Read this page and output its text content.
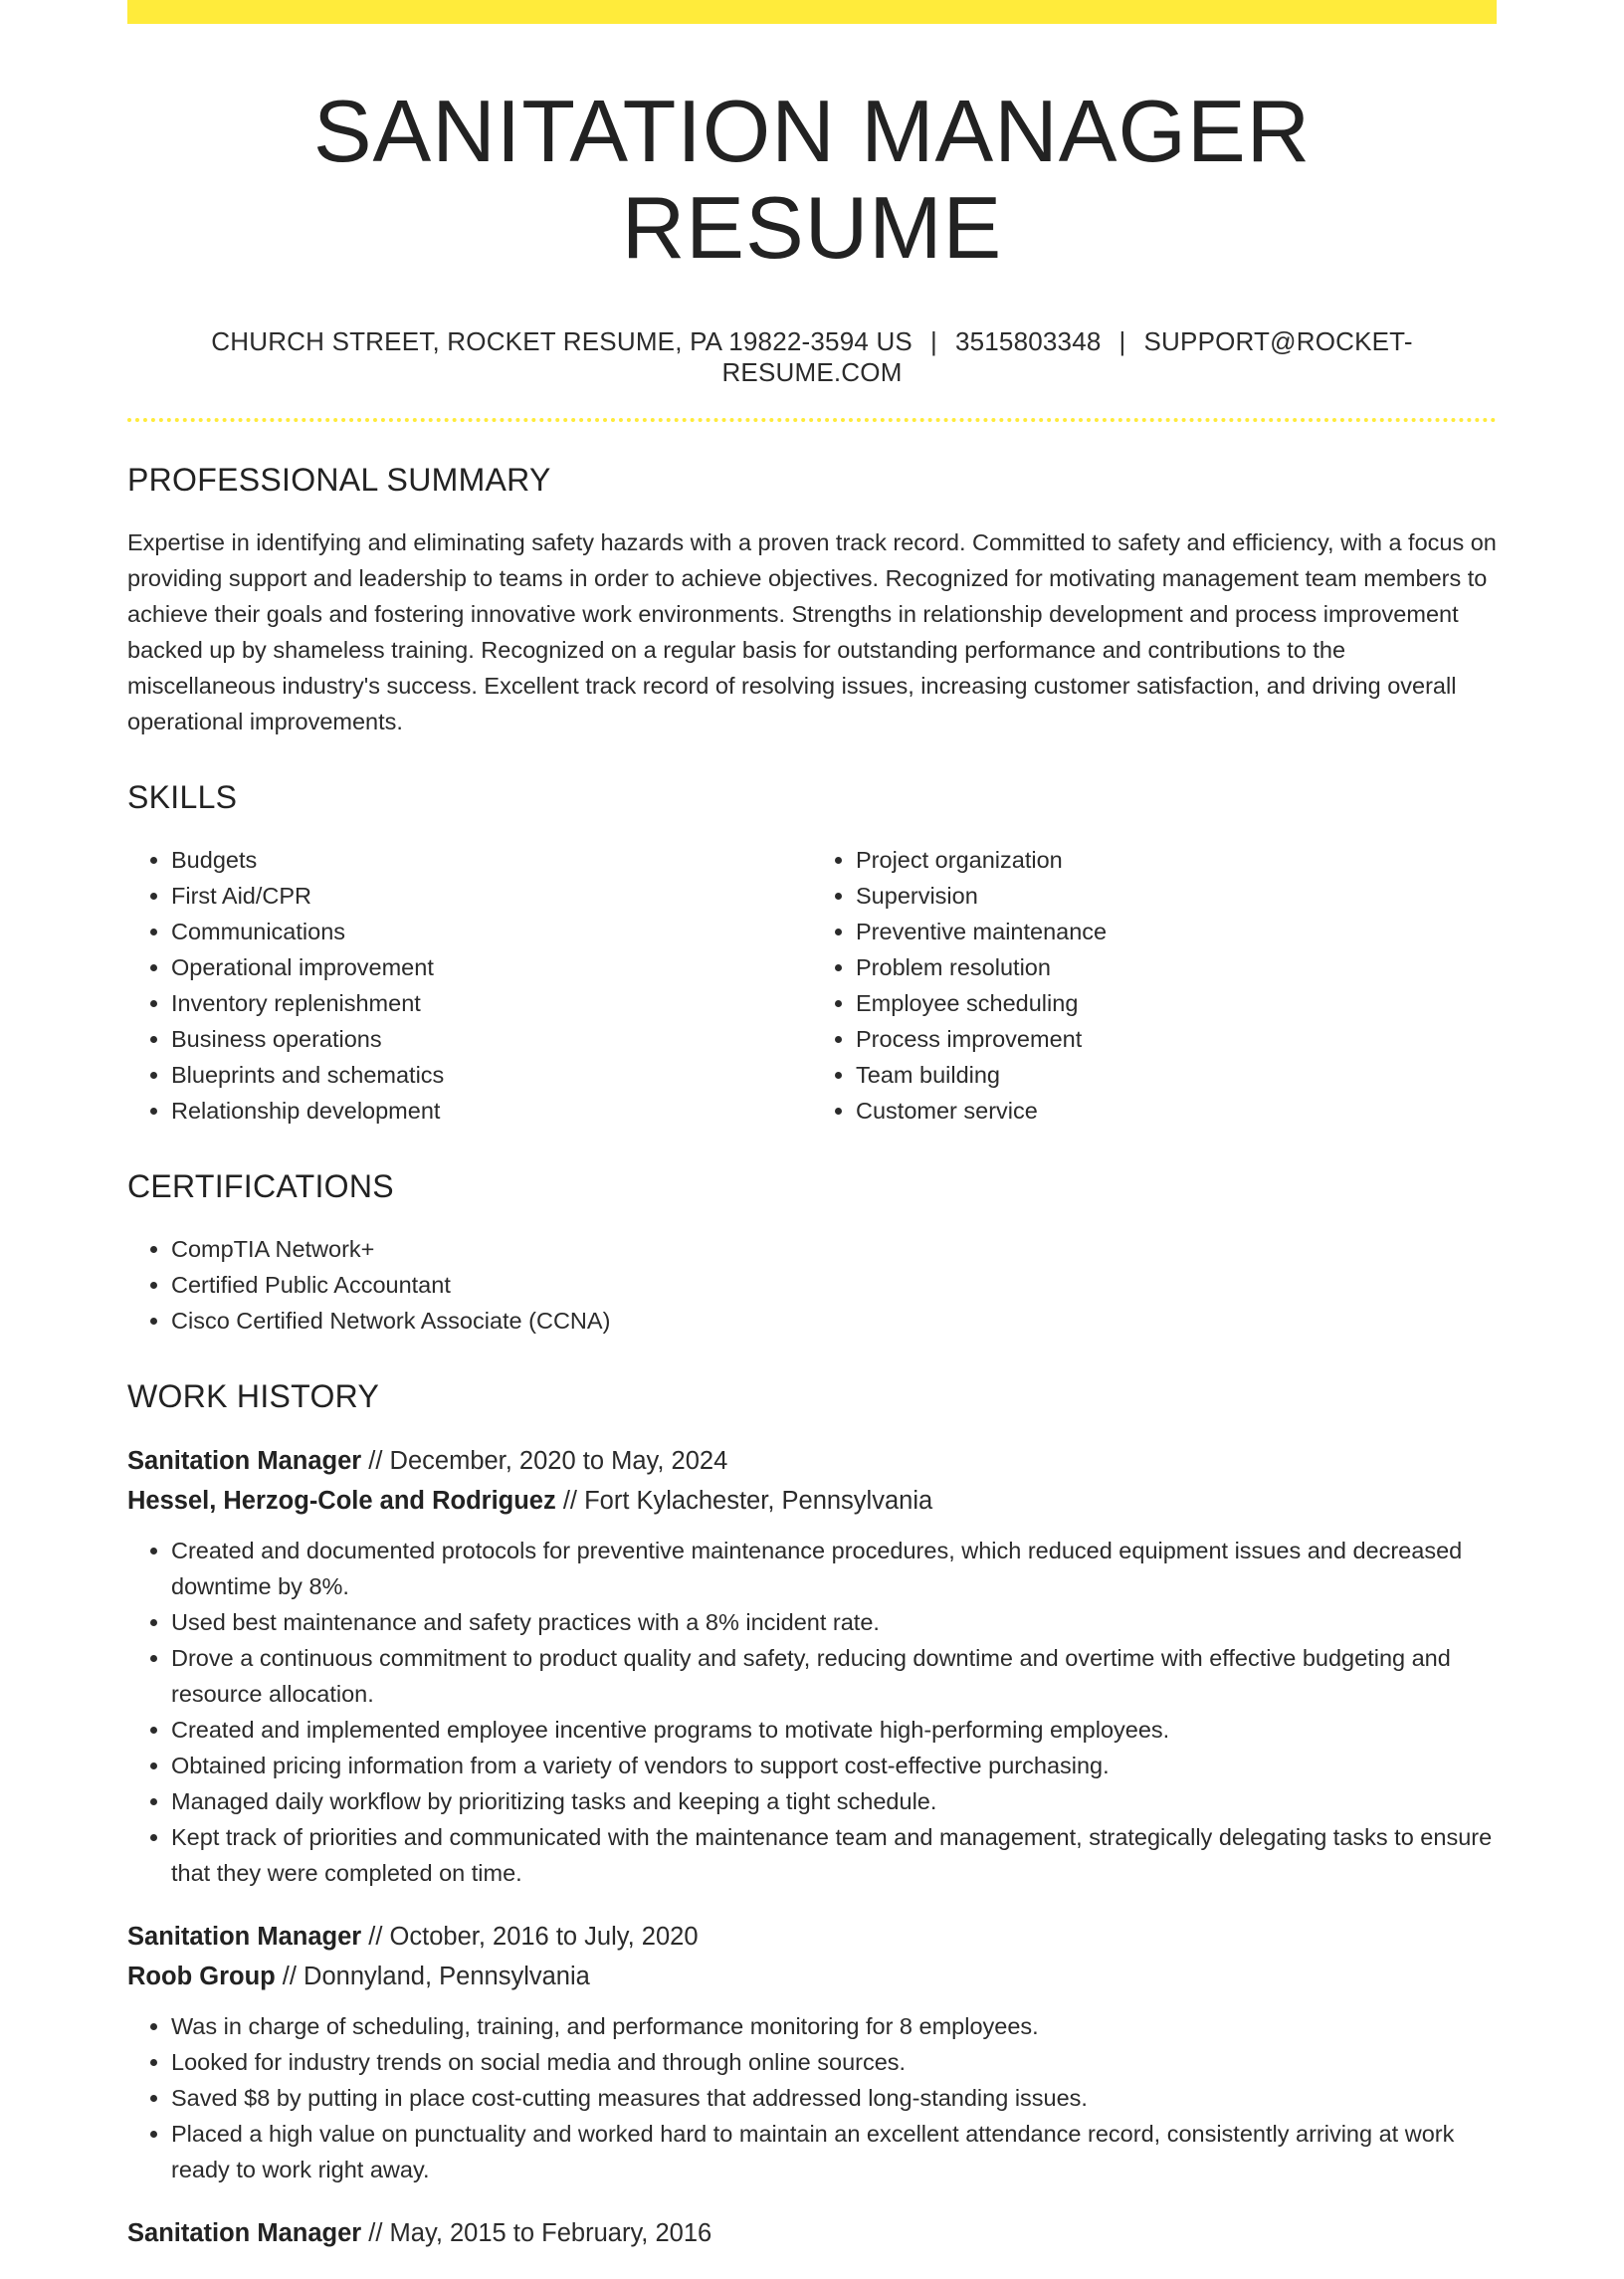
SANITATION MANAGER RESUME
CHURCH STREET, ROCKET RESUME, PA 19822-3594 US | 3515803348 | SUPPORT@ROCKET-RESUME.COM
PROFESSIONAL SUMMARY

Expertise in identifying and eliminating safety hazards with a proven track record. Committed to safety and efficiency, with a focus on providing support and leadership to teams in order to achieve objectives. Recognized for motivating management team members to achieve their goals and fostering innovative work environments. Strengths in relationship development and process improvement backed up by shameless training. Recognized on a regular basis for outstanding performance and contributions to the miscellaneous industry's success. Excellent track record of resolving issues, increasing customer satisfaction, and driving overall operational improvements.

SKILLS
• Budgets
• First Aid/CPR
• Communications
• Operational improvement
• Inventory replenishment
• Business operations
• Blueprints and schematics
• Relationship development
• Project organization
• Supervision
• Preventive maintenance
• Problem resolution
• Employee scheduling
• Process improvement
• Team building
• Customer service
CERTIFICATIONS
• CompTIA Network+
• Certified Public Accountant
• Cisco Certified Network Associate (CCNA)
WORK HISTORY
Sanitation Manager // December, 2020 to May, 2024
Hessel, Herzog-Cole and Rodriguez // Fort Kylachester, Pennsylvania
• Created and documented protocols for preventive maintenance procedures, which reduced equipment issues and decreased downtime by 8%.
• Used best maintenance and safety practices with a 8% incident rate.
• Drove a continuous commitment to product quality and safety, reducing downtime and overtime with effective budgeting and resource allocation.
• Created and implemented employee incentive programs to motivate high-performing employees.
• Obtained pricing information from a variety of vendors to support cost-effective purchasing.
• Managed daily workflow by prioritizing tasks and keeping a tight schedule.
• Kept track of priorities and communicated with the maintenance team and management, strategically delegating tasks to ensure that they were completed on time.
Sanitation Manager // October, 2016 to July, 2020
Roob Group // Donnyland, Pennsylvania
• Was in charge of scheduling, training, and performance monitoring for 8 employees.
• Looked for industry trends on social media and through online sources.
• Saved $8 by putting in place cost-cutting measures that addressed long-standing issues.
• Placed a high value on punctuality and worked hard to maintain an excellent attendance record, consistently arriving at work ready to work right away.
Sanitation Manager // May, 2015 to February, 2016
